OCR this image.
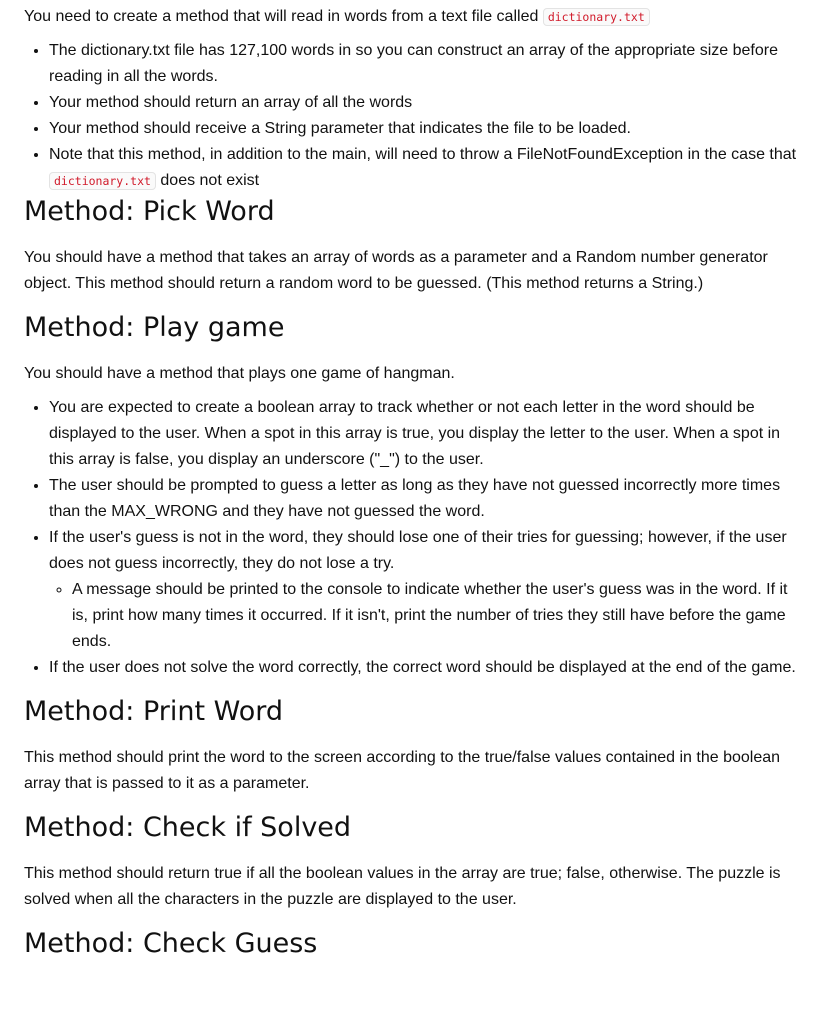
You need to create a method that will read in words from a text file called dictionary.txt

• The dictionary.txt file has 127,100 words in so you can construct an array of the appropriate size before reading in all the words.
• Your method should return an array of all the words
• Your method should receive a String parameter that indicates the file to be loaded.
• Note that this method, in addition to the main, will need to throw a FileNotFoundException in the case that dictionary.txt does not exist
Method: Pick Word

You should have a method that takes an array of words as a parameter and a Random number generator object. This method should return a random word to be guessed. (This method returns a String.)

Method: Play game

You should have a method that plays one game of hangman.

• You are expected to create a boolean array to track whether or not each letter in the word should be displayed to the user. When a spot in this array is true, you display the letter to the user. When a spot in this array is false, you display an underscore ("_") to the user.
• The user should be prompted to guess a letter as long as they have not guessed incorrectly more times than the MAX_WRONG and they have not guessed the word.
• If the user's guess is not in the word, they should lose one of their tries for guessing; however, if the user does not guess incorrectly, they do not lose a try.
◦ A message should be printed to the console to indicate whether the user's guess was in the word. If it is, print how many times it occurred. If it isn't, print the number of tries they still have before the game ends.
• If the user does not solve the word correctly, the correct word should be displayed at the end of the game.
Method: Print Word

This method should print the word to the screen according to the true/false values contained in the boolean array that is passed to it as a parameter.

Method: Check if Solved

This method should return true if all the boolean values in the array are true; false, otherwise. The puzzle is solved when all the characters in the puzzle are displayed to the user.

Method: Check Guess
